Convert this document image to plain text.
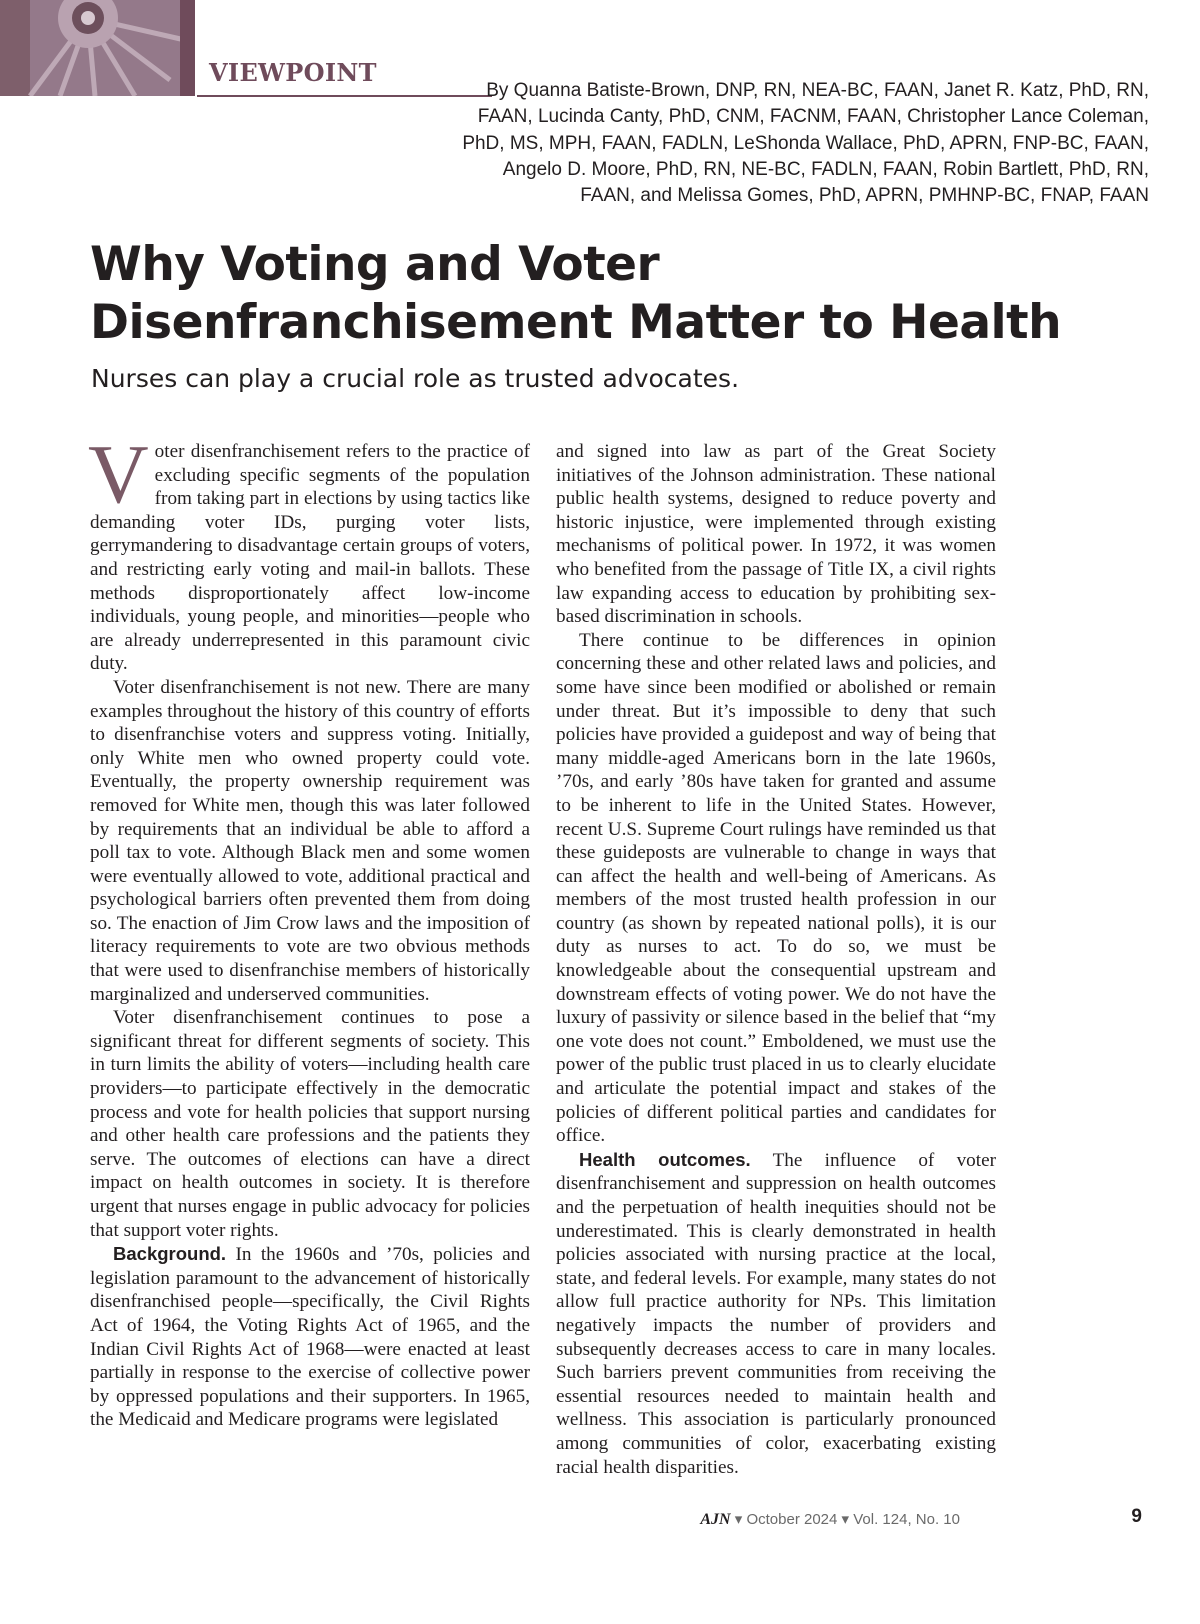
VIEWPOINT
By Quanna Batiste-Brown, DNP, RN, NEA-BC, FAAN, Janet R. Katz, PhD, RN, FAAN, Lucinda Canty, PhD, CNM, FACNM, FAAN, Christopher Lance Coleman, PhD, MS, MPH, FAAN, FADLN, LeShonda Wallace, PhD, APRN, FNP-BC, FAAN, Angelo D. Moore, PhD, RN, NE-BC, FADLN, FAAN, Robin Bartlett, PhD, RN, FAAN, and Melissa Gomes, PhD, APRN, PMHNP-BC, FNAP, FAAN
Why Voting and Voter Disenfranchisement Matter to Health

Nurses can play a crucial role as trusted advocates.

Voter disenfranchisement refers to the practice of excluding specific segments of the population from taking part in elections by using tactics like demanding voter IDs, purging voter lists, gerrymandering to disadvantage certain groups of voters, and restricting early voting and mail-in ballots. These methods disproportionately affect low-income individuals, young people, and minorities—people who are already underrepresented in this paramount civic duty.

Voter disenfranchisement is not new. There are many examples throughout the history of this country of efforts to disenfranchise voters and suppress voting. Initially, only White men who owned property could vote. Eventually, the property ownership requirement was removed for White men, though this was later followed by requirements that an individual be able to afford a poll tax to vote. Although Black men and some women were eventually allowed to vote, additional practical and psychological barriers often prevented them from doing so. The enaction of Jim Crow laws and the imposition of literacy requirements to vote are two obvious methods that were used to disenfranchise members of historically marginalized and underserved communities.

Voter disenfranchisement continues to pose a significant threat for different segments of society. This in turn limits the ability of voters—including health care providers—to participate effectively in the democratic process and vote for health policies that support nursing and other health care professions and the patients they serve. The outcomes of elections can have a direct impact on health outcomes in society. It is therefore urgent that nurses engage in public advocacy for policies that support voter rights.

Background. In the 1960s and ’70s, policies and legislation paramount to the advancement of historically disenfranchised people—specifically, the Civil Rights Act of 1964, the Voting Rights Act of 1965, and the Indian Civil Rights Act of 1968—were enacted at least partially in response to the exercise of collective power by oppressed populations and their supporters. In 1965, the Medicaid and Medicare programs were legislated

and signed into law as part of the Great Society initiatives of the Johnson administration. These national public health systems, designed to reduce poverty and historic injustice, were implemented through existing mechanisms of political power. In 1972, it was women who benefited from the passage of Title IX, a civil rights law expanding access to education by prohibiting sex-based discrimination in schools.

There continue to be differences in opinion concerning these and other related laws and policies, and some have since been modified or abolished or remain under threat. But it’s impossible to deny that such policies have provided a guidepost and way of being that many middle-aged Americans born in the late 1960s, ’70s, and early ’80s have taken for granted and assume to be inherent to life in the United States. However, recent U.S. Supreme Court rulings have reminded us that these guideposts are vulnerable to change in ways that can affect the health and well-being of Americans. As members of the most trusted health profession in our country (as shown by repeated national polls), it is our duty as nurses to act. To do so, we must be knowledgeable about the consequential upstream and downstream effects of voting power. We do not have the luxury of passivity or silence based in the belief that “my one vote does not count.” Emboldened, we must use the power of the public trust placed in us to clearly elucidate and articulate the potential impact and stakes of the policies of different political parties and candidates for office.

Health outcomes. The influence of voter disenfranchisement and suppression on health outcomes and the perpetuation of health inequities should not be underestimated. This is clearly demonstrated in health policies associated with nursing practice at the local, state, and federal levels. For example, many states do not allow full practice authority for NPs. This limitation negatively impacts the number of providers and subsequently decreases access to care in many locales. Such barriers prevent communities from receiving the essential resources needed to maintain health and wellness. This association is particularly pronounced among communities of color, exacerbating existing racial health disparities.

AJN ▾ October 2024 ▾ Vol. 124, No. 10	9
